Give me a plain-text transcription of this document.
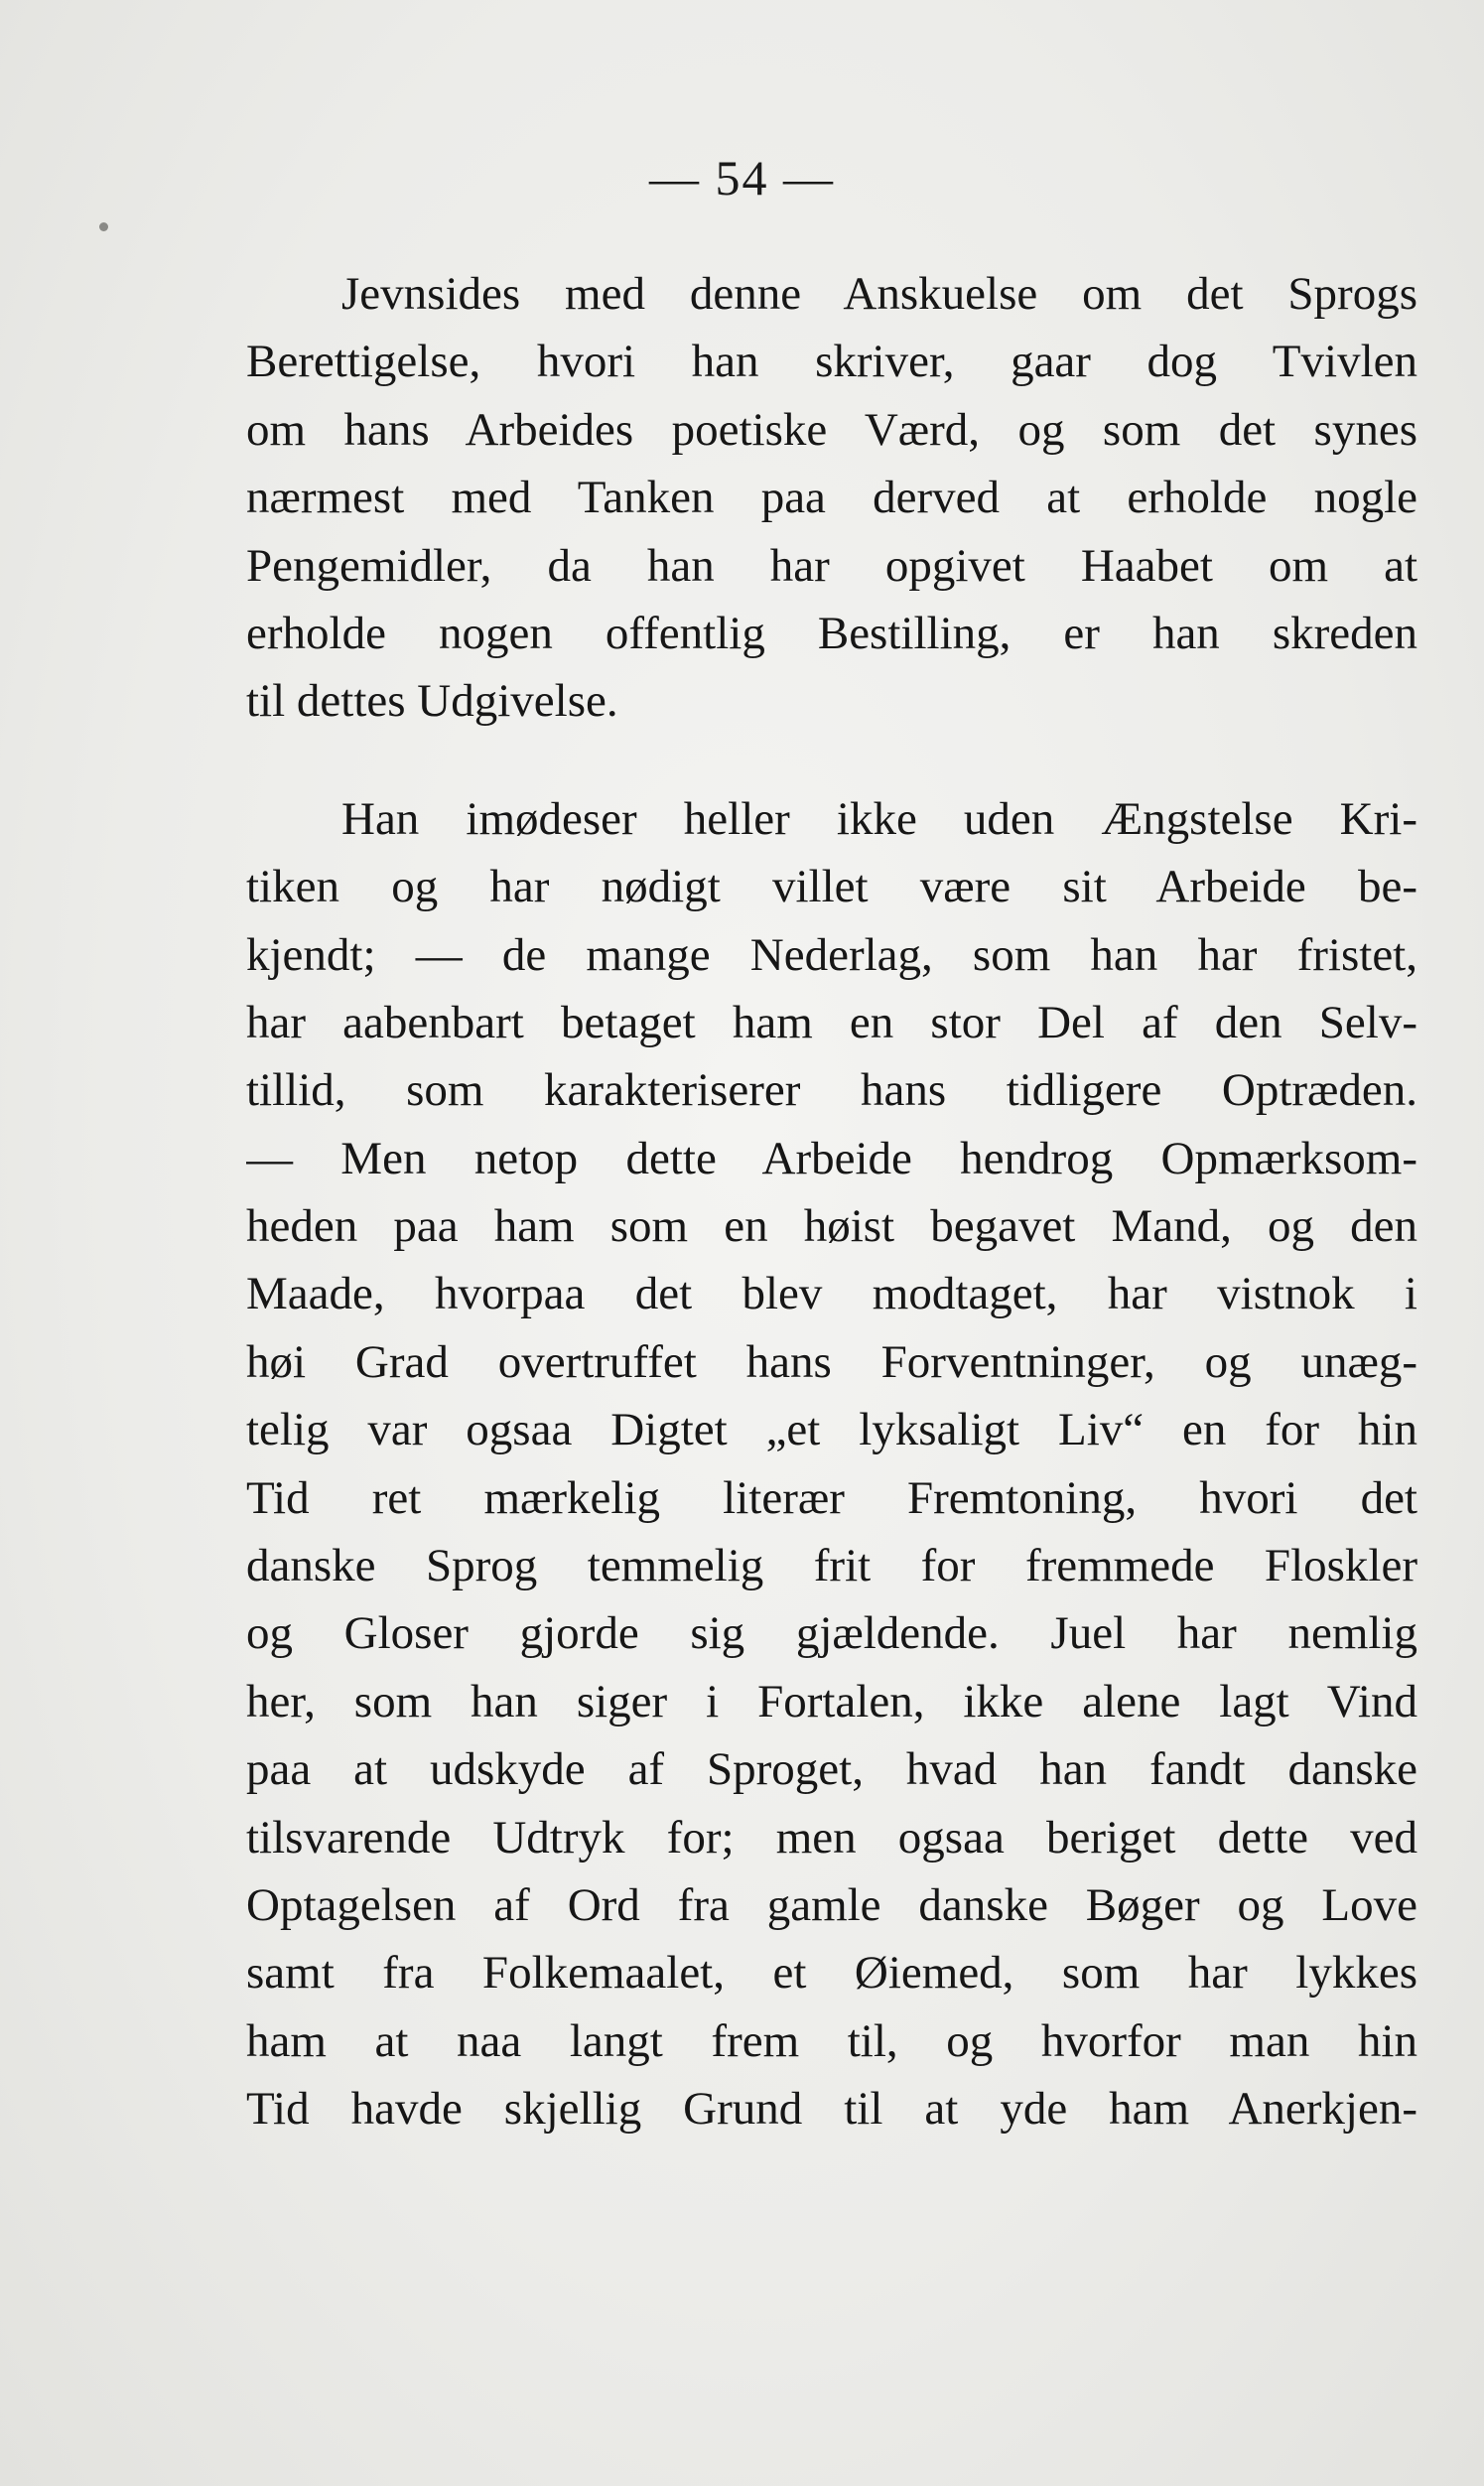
— 54 —
Jevnsides med denne Anskuelse om det Sprogs
Berettigelse, hvori han skriver, gaar dog Tvivlen
om hans Arbeides poetiske Værd, og som det synes
nærmest med Tanken paa derved at erholde nogle
Pengemidler, da han har opgivet Haabet om at
erholde nogen offentlig Bestilling, er han skreden
til dettes Udgivelse.
Han imødeser heller ikke uden Ængstelse Kri-
tiken og har nødigt villet være sit Arbeide be-
kjendt; — de mange Nederlag, som han har fristet,
har aabenbart betaget ham en stor Del af den Selv-
tillid, som karakteriserer hans tidligere Optræden.
— Men netop dette Arbeide hendrog Opmærksom-
heden paa ham som en høist begavet Mand, og den
Maade, hvorpaa det blev modtaget, har vistnok i
høi Grad overtruffet hans Forventninger, og unæg-
telig var ogsaa Digtet „et lyksaligt Liv“ en for hin
Tid ret mærkelig literær Fremtoning, hvori det
danske Sprog temmelig frit for fremmede Floskler
og Gloser gjorde sig gjældende. Juel har nemlig
her, som han siger i Fortalen, ikke alene lagt Vind
paa at udskyde af Sproget, hvad han fandt danske
tilsvarende Udtryk for; men ogsaa beriget dette ved
Optagelsen af Ord fra gamle danske Bøger og Love
samt fra Folkemaalet, et Øiemed, som har lykkes
ham at naa langt frem til, og hvorfor man hin
Tid havde skjellig Grund til at yde ham Anerkjen-
